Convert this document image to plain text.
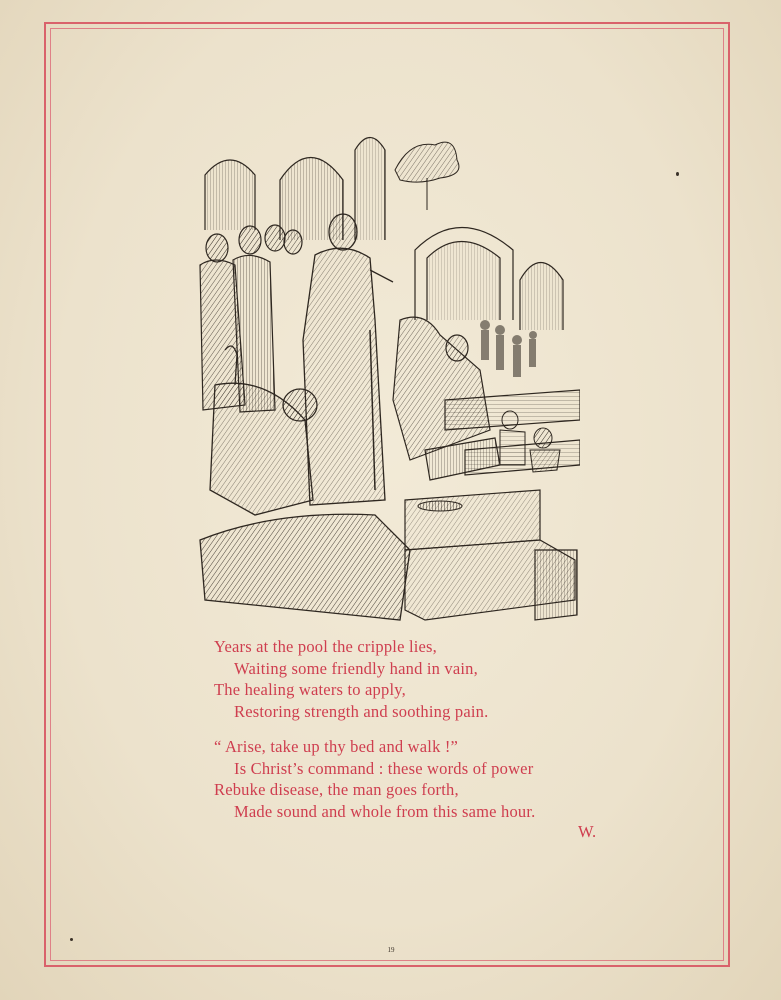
Years at the pool the cripple lies,
Waiting some friendly hand in vain,
The healing waters to apply,
Restoring strength and soothing pain.
“ Arise, take up thy bed and walk !”
Is Christ’s command : these words of power
Rebuke disease, the man goes forth,
Made sound and whole from this same hour.
W.
19
